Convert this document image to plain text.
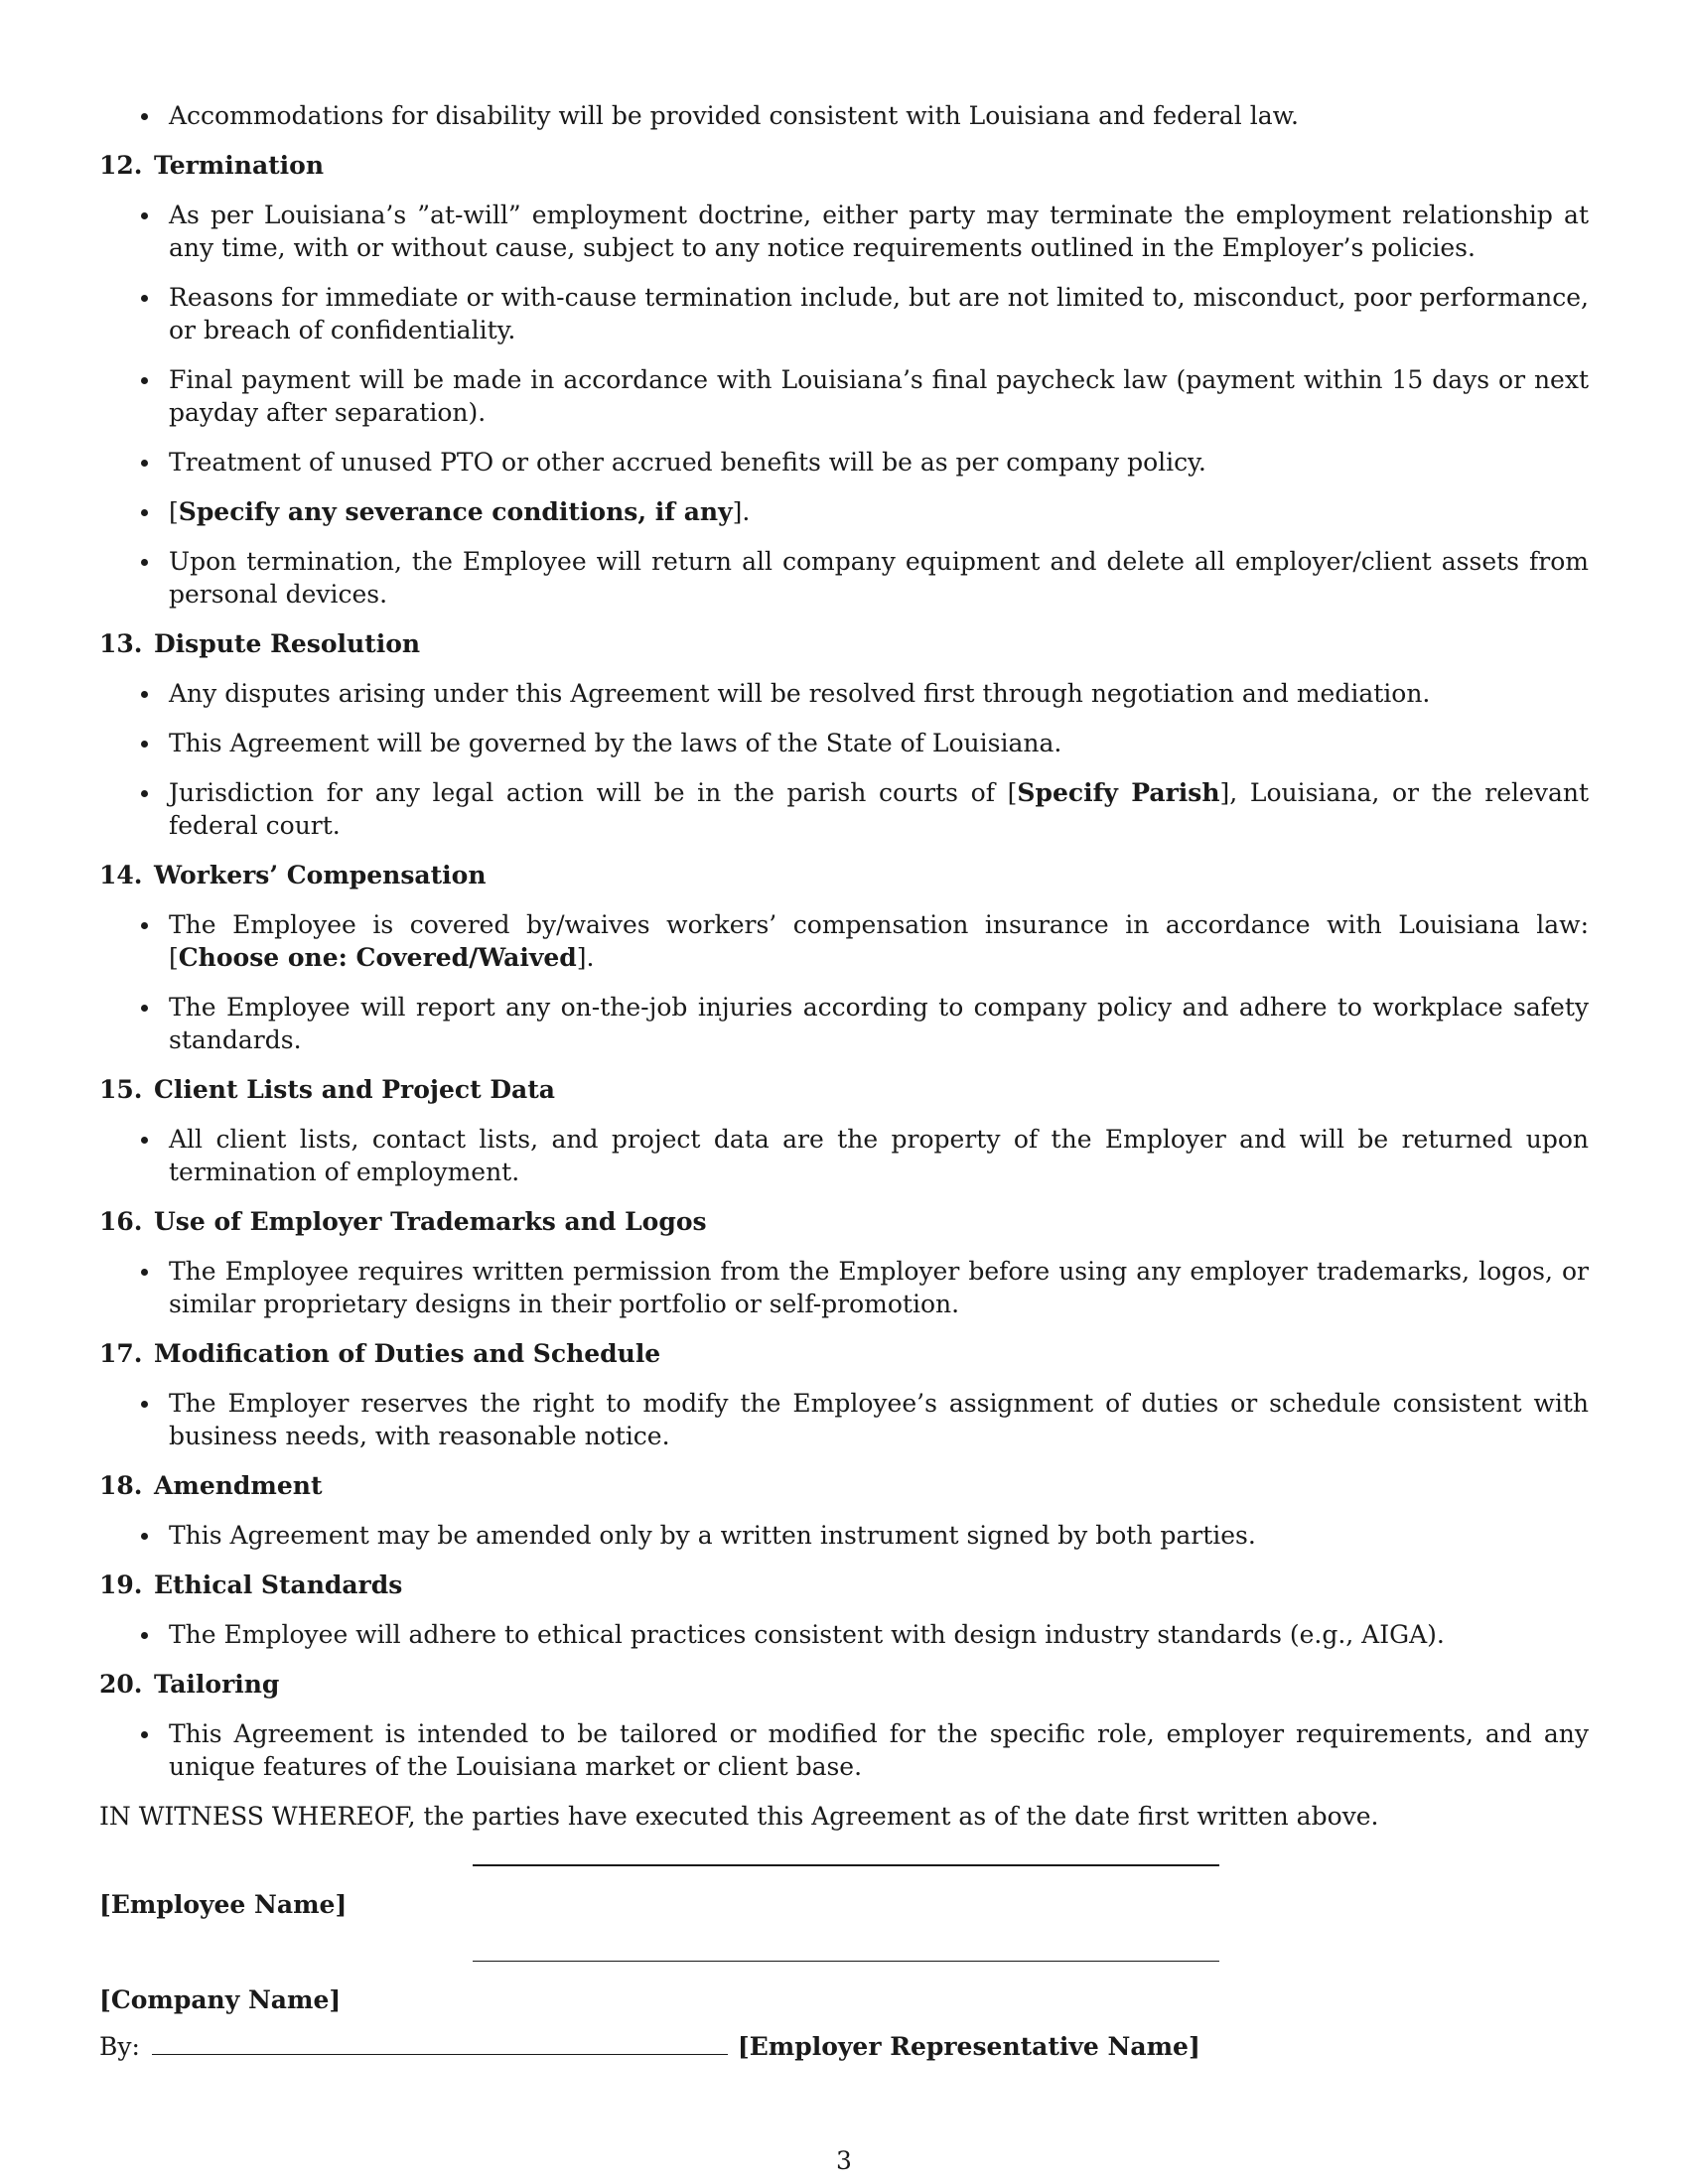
Accommodations for disability will be provided consistent with Louisiana and federal law.
12. Termination
As per Louisiana’s ”at-will” employment doctrine, either party may terminate the employment relationship at any time, with or without cause, subject to any notice requirements outlined in the Employer’s policies.
Reasons for immediate or with-cause termination include, but are not limited to, misconduct, poor performance, or breach of confidentiality.
Final payment will be made in accordance with Louisiana’s final paycheck law (payment within 15 days or next payday after separation).
Treatment of unused PTO or other accrued benefits will be as per company policy.
[Specify any severance conditions, if any].
Upon termination, the Employee will return all company equipment and delete all employer/client assets from personal devices.
13. Dispute Resolution
Any disputes arising under this Agreement will be resolved first through negotiation and mediation.
This Agreement will be governed by the laws of the State of Louisiana.
Jurisdiction for any legal action will be in the parish courts of [Specify Parish], Louisiana, or the relevant federal court.
14. Workers’ Compensation
The Employee is covered by/waives workers’ compensation insurance in accordance with Louisiana law: [Choose one: Covered/Waived].
The Employee will report any on-the-job injuries according to company policy and adhere to workplace safety standards.
15. Client Lists and Project Data
All client lists, contact lists, and project data are the property of the Employer and will be returned upon termination of employment.
16. Use of Employer Trademarks and Logos
The Employee requires written permission from the Employer before using any employer trademarks, logos, or similar proprietary designs in their portfolio or self-promotion.
17. Modification of Duties and Schedule
The Employer reserves the right to modify the Employee’s assignment of duties or schedule consistent with business needs, with reasonable notice.
18. Amendment
This Agreement may be amended only by a written instrument signed by both parties.
19. Ethical Standards
The Employee will adhere to ethical practices consistent with design industry standards (e.g., AIGA).
20. Tailoring
This Agreement is intended to be tailored or modified for the specific role, employer requirements, and any unique features of the Louisiana market or client base.

IN WITNESS WHEREOF, the parties have executed this Agreement as of the date first written above.

[Employee Name]
[Company Name]
By:	[Employer Representative Name]
3
